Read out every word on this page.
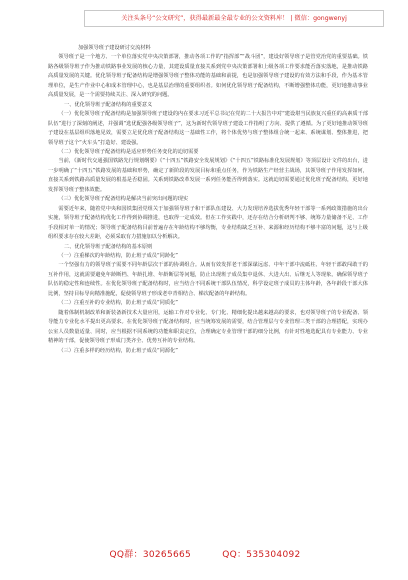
关注头条号“公文研究”，获得最新最全最专业的公文资料库！ | 微信：gongwenyj

加强领导班子建设研讨交流材料

领导班子是一个地方、一个单位落实党中央决策部署，推动各项工作的“指挥部”“战斗团”，建设好领导班子是管党治党的重要基础。铁路各级领导班子作为推动铁路事业发展的核心力量，其建设质量直接关系到党中央决策部署和上级各项工作要求能否落实落地，是推动铁路高质量发展的关键。优化领导班子配备结构是增强领导班子整体功能的基础和前提，也是加强领导班子建设的有效方法和手段，作为基本管理单位，是生产作业中心和成本管理中心，也是基层治理的重要组织者。如何优化领导班子配备结构，不断增强整体功能，更好地推动事业高质量发展，是一个需要持续关注、深入研究的问题。

一、优化领导班子配备结构的重要意义

（一）优化领导班子配备结构是加强领导班子建设的内在要求习近平总书记在党的二十大报告中对“建设堪当民族复兴重任的高素质干部队伍”进行了深刻的阐述，并强调“选优配强各级领导班子”，这为新时代领导班子建设工作指明了方向、提供了遵循。为了更好地推动领导班子建设在基层组织落地见效，需要立足优化班子配备结构这一基础性工作，将个体优势与班子整体组合统一起来、系统谋划、整体推进，把领导班子这个“火车头”打造好、建设强。

（二）优化领导班子配备结构是适应形势任务变化的迫切需要

当前，《新时代交通强国铁路先行规划纲要》《“十四五”铁路安全发展规划》《“十四五”铁路标准化发展规划》等顶层设计文件的出台，进一步明确了“十四五”铁路发展的基础和形势，确定了新阶段的发展目标和重点任务，作为铁路生产经营主战场，其领导班子作用发挥如何，直接关系到铁路高质量发展的根基是否稳固。关系到铁路改革发展一系列任务能否得到落实。这就迫切需要通过优化班子配备结构，更好地发挥领导班子整体效能。

（三）优化领导班子配备结构是解决当前突出问题的现实

需要近年来，随着党中央和国铁集团党组关于加强领导班子和干部队伍建设、大力发现培养选拔优秀年轻干部等一系列政策措施的出台实施，领导班子配备结构优化工作得到协调推进，也取得一定成效。但在工作实践中，还存在结合分析研判不够、统筹力量储备不足、工作手段相对单一的情况；领导班子配备结构目前普遍存在年龄结构不够均衡，专业结构缺乏互补、来源和经历结构不够丰富的问题，这与上级组织要求存在较大差距，必须采取有力措施加以分析解决。

二、优化领导班子配备结构的基本原则

（一）注重梯次的年龄结构，防止班子成员“同龄化”

一个坚强有力的领导班子需要不同年龄层次干部的协调组合。从而有效发挥老干部深谋远虑、中年干部中流砥柱、年轻干部敢闯敢干的互补作用，这就需要避免年龄断档、年龄扎堆、年龄断层等问题，防止出现班子成员集中退休、大进大出、后继无人等现象。确保领导班子队伍的稳定性和连续性。在优化领导班子配备结构时，应当结合不同系统干部队伍情况，科学设定班子成员的主体年龄，各年龄段干部大体比例，坚持目标导向精准施配，促使领导班子形成老中青相结合、梯次配备的年龄结构。

（二）注重互补的专业结构，防止班子成员“同质化”

随着体制机制改革和新装备新技术大量应用，运输工作对专业化、专门化、精细化提出越来越高的要求，也对领导班子的专业配备、领导能力专业化水平提出更高要求。在优化领导班子配备结构时，应当统筹发展的需要，结合管理层与专业管理三类干部的合理搭配，实现办公室人员数量适量、同时，应当根据不同系统的功能和职责定位，合理确定专业管理干部的细分比例，有针对性地选配具有专业能力、专业精神的干部，促使领导班子形成门类齐全、优势互补的专业结构。

（三）注重多样的经历结构，防止班子成员“同源化”

QQ群：30265665	QQ：535304092
